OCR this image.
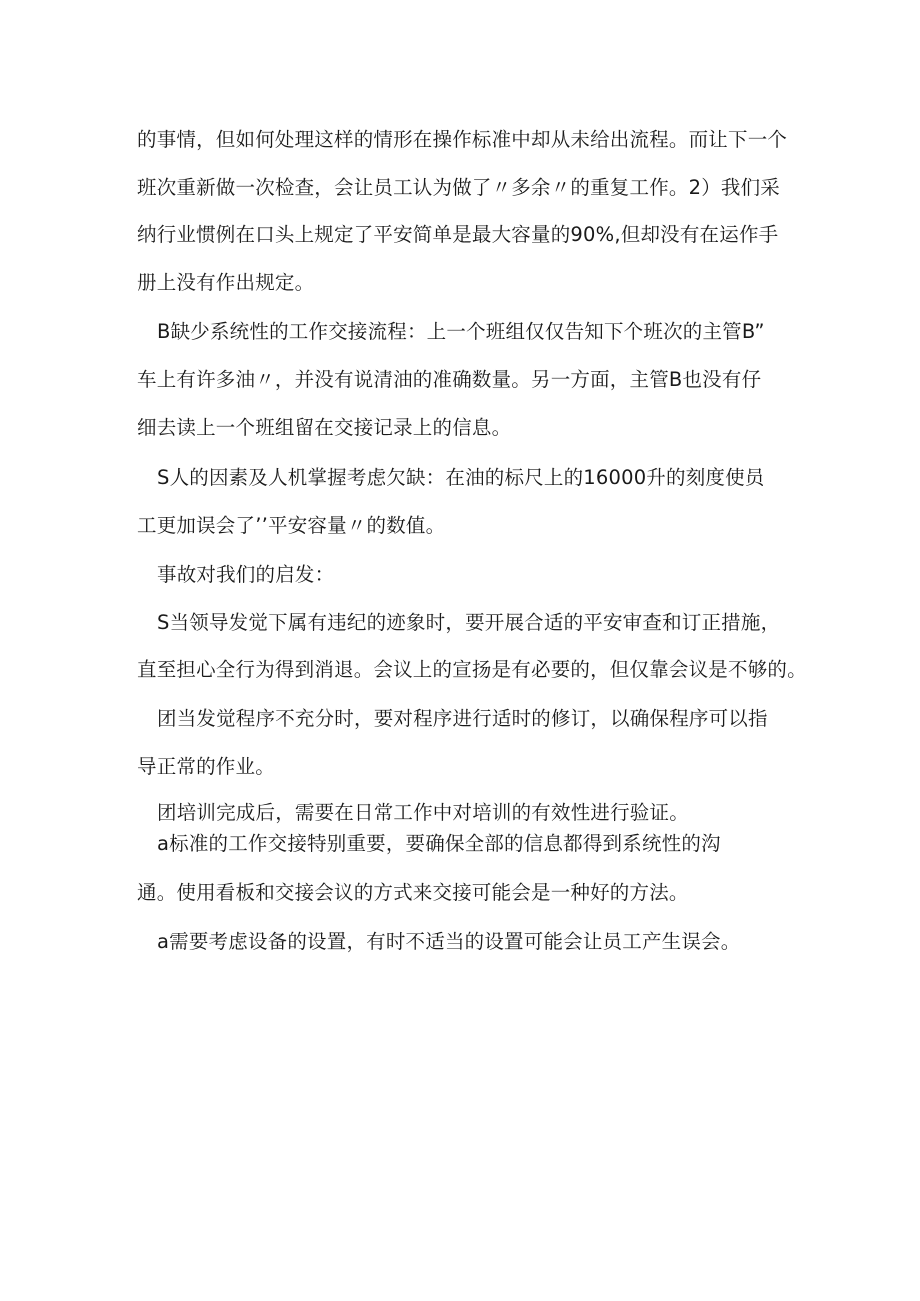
的事情，但如何处理这样的情形在操作标准中却从未给出流程。而让下一个
班次重新做一次检查，会让员工认为做了〃多余〃的重复工作。2）我们采
纳行业惯例在口头上规定了平安简单是最大容量的90%,但却没有在运作手
册上没有作出规定。
B缺少系统性的工作交接流程：上一个班组仅仅告知下个班次的主管B”
车上有许多油〃，并没有说清油的准确数量。另一方面，主管B也没有仔
细去读上一个班组留在交接记录上的信息。
S人的因素及人机掌握考虑欠缺：在油的标尺上的16000升的刻度使员
工更加误会了’’平安容量〃的数值。
事故对我们的启发：
S当领导发觉下属有违纪的迹象时，要开展合适的平安审查和订正措施，
直至担心全行为得到消退。会议上的宣扬是有必要的，但仅靠会议是不够的。
团当发觉程序不充分时，要对程序进行适时的修订，以确保程序可以指
导正常的作业。
团培训完成后，需要在日常工作中对培训的有效性进行验证。
a标准的工作交接特别重要，要确保全部的信息都得到系统性的沟
通。使用看板和交接会议的方式来交接可能会是一种好的方法。
a需要考虑设备的设置，有时不适当的设置可能会让员工产生误会。
